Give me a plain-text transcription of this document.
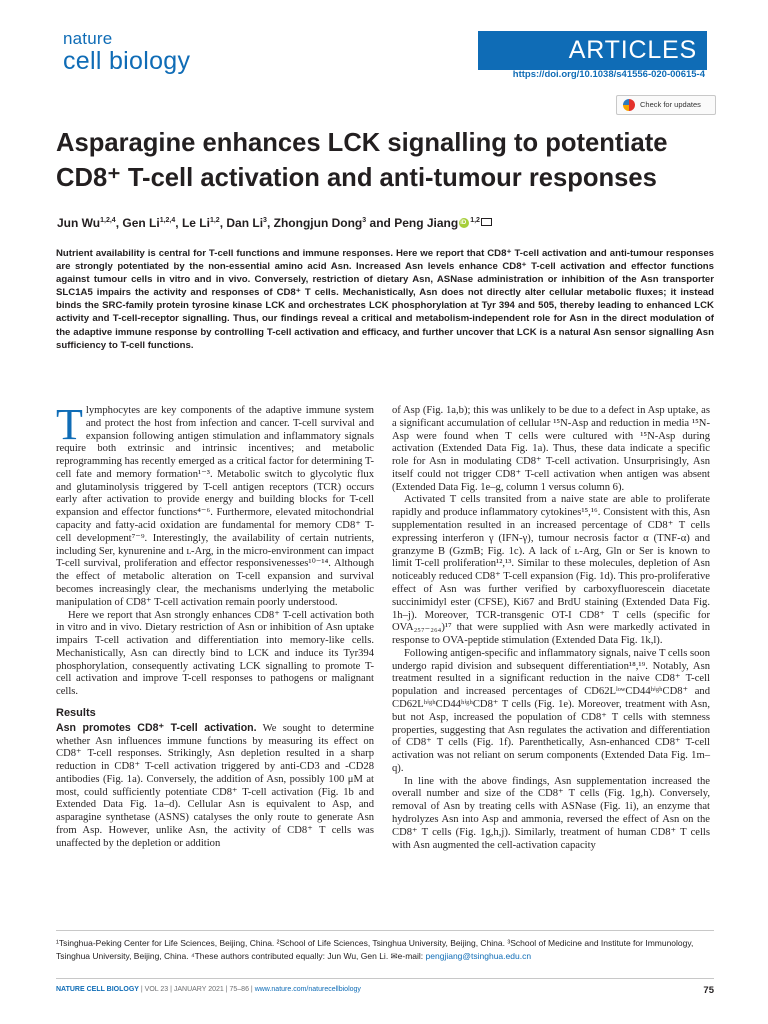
nature
cell biology	ARTICLES
https://doi.org/10.1038/s41556-020-00615-4
Check for updates
Asparagine enhances LCK signalling to potentiate CD8⁺ T-cell activation and anti-tumour responses
Jun Wu$^{1,2,4}$, Gen Li$^{1,2,4}$, Le Li$^{1,2}$, Dan Li$^3$, Zhongjun Dong$^3$ and Peng JiangiD $^{1,2}$
Nutrient availability is central for T-cell functions and immune responses. Here we report that CD8⁺ T-cell activation and anti-tumour responses are strongly potentiated by the non-essential amino acid Asn. Increased Asn levels enhance CD8⁺ T-cell activation and effector functions against tumour cells in vitro and in vivo. Conversely, restriction of dietary Asn, ASNase administration or inhibition of the Asn transporter SLC1A5 impairs the activity and responses of CD8⁺ T cells. Mechanistically, Asn does not directly alter cellular metabolic fluxes; it instead binds the SRC-family protein tyrosine kinase LCK and orchestrates LCK phosphorylation at Tyr 394 and 505, thereby leading to enhanced LCK activity and T-cell-receptor signalling. Thus, our findings reveal a critical and metabolism-independent role for Asn in the direct modulation of the adaptive immune response by controlling T-cell activation and efficacy, and further uncover that LCK is a natural Asn sensor signalling Asn sufficiency to T-cell functions.

Tlymphocytes are key components of the adaptive immune system and protect the host from infection and cancer. T-cell survival and expansion following antigen stimulation and inflammatory signals require both extrinsic and intrinsic incentives; and metabolic reprogramming has recently emerged as a critical factor for determining T-cell fate and memory formation¹⁻³. Metabolic switch to glycolytic flux and glutaminolysis triggered by T-cell antigen receptors (TCR) occurs early after activation to provide energy and building blocks for T-cell expansion and effector functions⁴⁻⁶. Furthermore, elevated mitochondrial capacity and fatty-acid oxidation are fundamental for memory CD8⁺ T-cell development⁷⁻⁹. Interestingly, the availability of certain nutrients, including Ser, kynurenine and ʟ-Arg, in the micro-environment can impact T-cell survival, proliferation and effector responsivenesses¹⁰⁻¹⁴. Although the effect of metabolic alteration on T-cell expansion and survival becomes increasingly clear, the mechanisms underlying the metabolic manipulation of CD8⁺ T-cell activation remain poorly understood.

Here we report that Asn strongly enhances CD8⁺ T-cell activation both in vitro and in vivo. Dietary restriction of Asn or inhibition of Asn uptake impairs T-cell activation and differentiation into memory-like cells. Mechanistically, Asn can directly bind to LCK and induce its Tyr394 phosphorylation, consequently activating LCK signalling to promote T-cell activation and improve T-cell responses to pathogens or malignant cells.

Results

Asn promotes CD8⁺ T-cell activation. We sought to determine whether Asn influences immune functions by measuring its effect on CD8⁺ T-cell responses. Strikingly, Asn depletion resulted in a sharp reduction in CD8⁺ T-cell activation triggered by anti-CD3 and -CD28 antibodies (Fig. 1a). Conversely, the addition of Asn, possibly 100 μM at most, could sufficiently potentiate CD8⁺ T-cell activation (Fig. 1b and Extended Data Fig. 1a–d). Cellular Asn is equivalent to Asp, and asparagine synthetase (ASNS) catalyses the only route to generate Asn from Asp. However, unlike Asn, the activity of CD8⁺ T cells was unaffected by the depletion or addition

of Asp (Fig. 1a,b); this was unlikely to be due to a defect in Asp uptake, as a significant accumulation of cellular ¹⁵N-Asp and reduction in media ¹⁵N-Asp were found when T cells were cultured with ¹⁵N-Asp during activation (Extended Data Fig. 1a). Thus, these data indicate a specific role for Asn in modulating CD8⁺ T-cell activation. Unsurprisingly, Asn itself could not trigger CD8⁺ T-cell activation when antigen was absent (Extended Data Fig. 1e–g, column 1 versus column 6).

Activated T cells transited from a naive state are able to proliferate rapidly and produce inflammatory cytokines¹⁵,¹⁶. Consistent with this, Asn supplementation resulted in an increased percentage of CD8⁺ T cells expressing interferon γ (IFN-γ), tumour necrosis factor α (TNF-α) and granzyme B (GzmB; Fig. 1c). A lack of ʟ-Arg, Gln or Ser is known to limit T-cell proliferation¹²,¹³. Similar to these molecules, depletion of Asn noticeably reduced CD8⁺ T-cell expansion (Fig. 1d). This pro-proliferative effect of Asn was further verified by carboxyfluorescein diacetate succinimidyl ester (CFSE), Ki67 and BrdU staining (Extended Data Fig. 1h–j). Moreover, TCR-transgenic OT-I CD8⁺ T cells (specific for OVA₂₅₇₋₂₆₄)¹⁷ that were supplied with Asn were markedly activated in response to OVA-peptide stimulation (Extended Data Fig. 1k,l).

Following antigen-specific and inflammatory signals, naive T cells soon undergo rapid division and subsequent differentiation¹⁸,¹⁹. Notably, Asn treatment resulted in a significant reduction in the naive CD8⁺ T-cell population and increased percentages of CD62LˡᵒʷCD44ʰⁱᵍʰCD8⁺ and CD62LʰⁱᵍʰCD44ʰⁱᵍʰCD8⁺ T cells (Fig. 1e). Moreover, treatment with Asn, but not Asp, increased the population of CD8⁺ T cells with stemness properties, suggesting that Asn regulates the activation and differentiation of CD8⁺ T cells (Fig. 1f). Parenthetically, Asn-enhanced CD8⁺ T-cell activation was not reliant on serum components (Extended Data Fig. 1m–q).

In line with the above findings, Asn supplementation increased the overall number and size of the CD8⁺ T cells (Fig. 1g,h). Conversely, removal of Asn by treating cells with ASNase (Fig. 1i), an enzyme that hydrolyzes Asn into Asp and ammonia, reversed the effect of Asn on the CD8⁺ T cells (Fig. 1g,h,j). Similarly, treatment of human CD8⁺ T cells with Asn augmented the cell-activation capacity

¹Tsinghua-Peking Center for Life Sciences, Beijing, China. ²School of Life Sciences, Tsinghua University, Beijing, China. ³School of Medicine and Institute for Immunology, Tsinghua University, Beijing, China. ⁴These authors contributed equally: Jun Wu, Gen Li. ✉e-mail: pengjiang@tsinghua.edu.cn
NATURE CELL BIOLOGY | VOL 23 | JANUARY 2021 | 75–86 | www.nature.com/naturecellbiology	75
